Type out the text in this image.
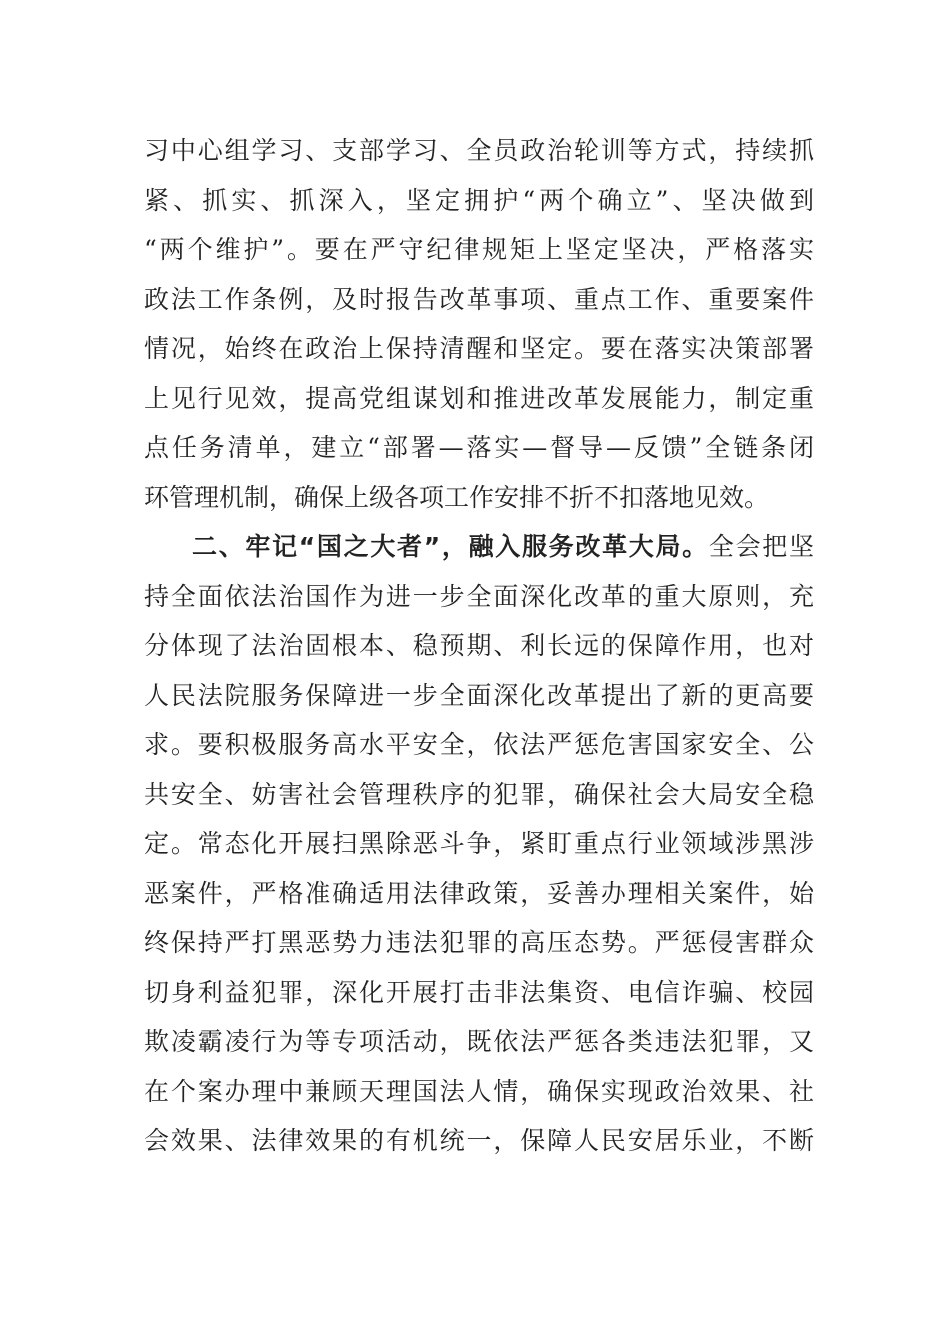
习中心组学习、支部学习、全员政治轮训等方式，持续抓
紧、抓实、抓深入，坚定拥护“两个确立”、坚决做到
“两个维护”。要在严守纪律规矩上坚定坚决，严格落实
政法工作条例，及时报告改革事项、重点工作、重要案件
情况，始终在政治上保持清醒和坚定。要在落实决策部署
上见行见效，提高党组谋划和推进改革发展能力，制定重
点任务清单，建立“部署—落实—督导—反馈”全链条闭
环管理机制，确保上级各项工作安排不折不扣落地见效。
二、牢记“国之大者”，融入服务改革大局。全会把坚
持全面依法治国作为进一步全面深化改革的重大原则，充
分体现了法治固根本、稳预期、利长远的保障作用，也对
人民法院服务保障进一步全面深化改革提出了新的更高要
求。要积极服务高水平安全，依法严惩危害国家安全、公
共安全、妨害社会管理秩序的犯罪，确保社会大局安全稳
定。常态化开展扫黑除恶斗争，紧盯重点行业领域涉黑涉
恶案件，严格准确适用法律政策，妥善办理相关案件，始
终保持严打黑恶势力违法犯罪的高压态势。严惩侵害群众
切身利益犯罪，深化开展打击非法集资、电信诈骗、校园
欺凌霸凌行为等专项活动，既依法严惩各类违法犯罪，又
在个案办理中兼顾天理国法人情，确保实现政治效果、社
会效果、法律效果的有机统一，保障人民安居乐业，不断
